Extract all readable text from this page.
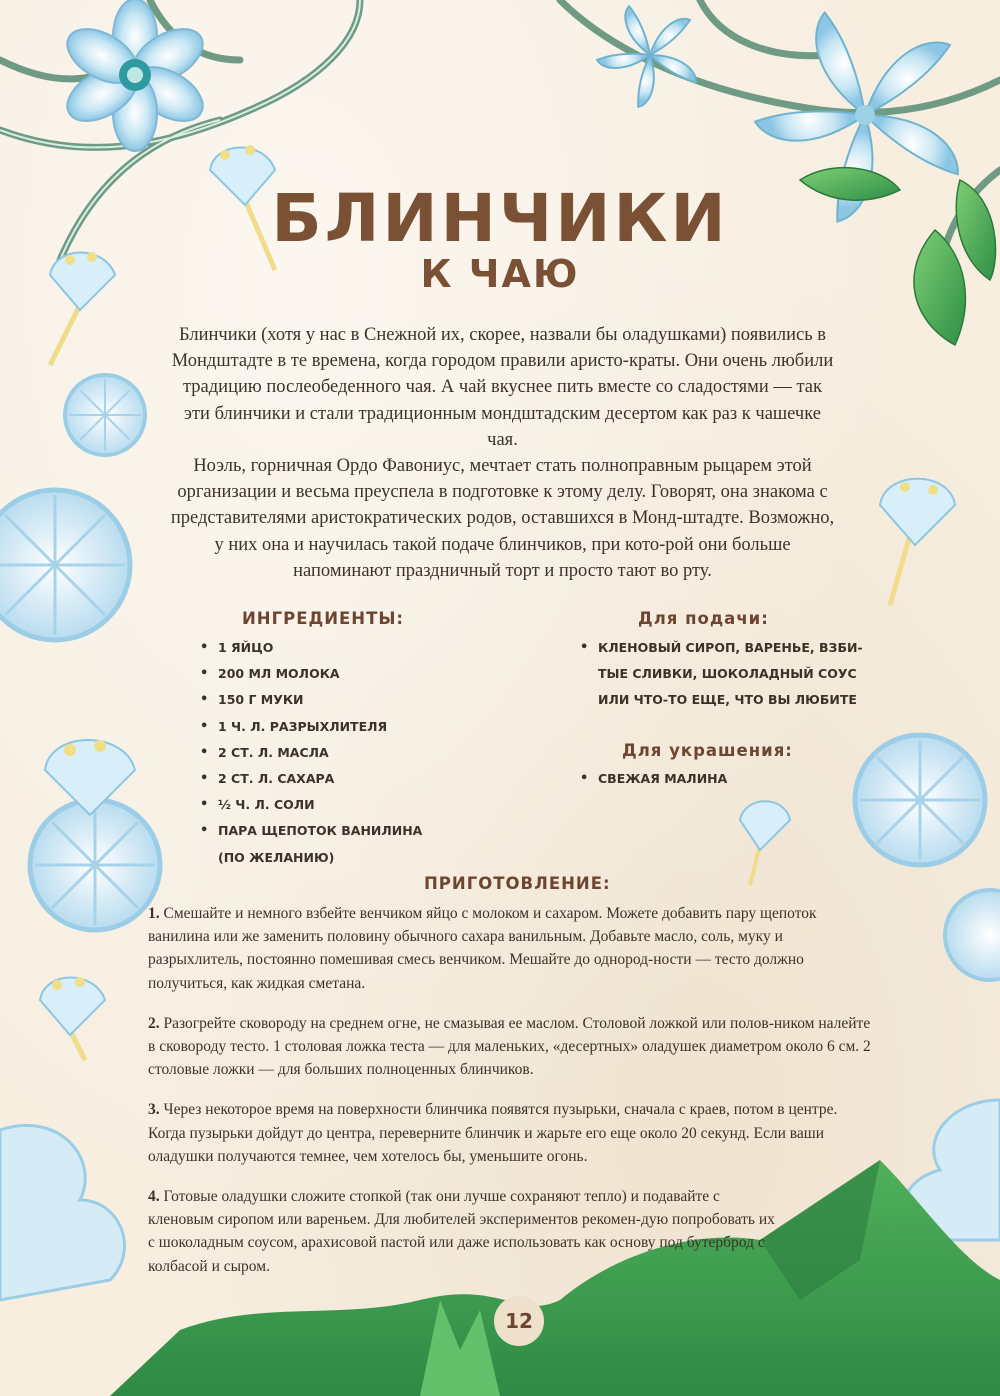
БЛИНЧИКИ
К ЧАЮ

Блинчики (хотя у нас в Снежной их, скорее, назвали бы оладушками) появились в Мондштадте в те времена, когда городом правили аристо-краты. Они очень любили традицию послеобеденного чая. А чай вкуснее пить вместе со сладостями — так эти блинчики и стали традиционным мондштадским десертом как раз к чашечке чая.

Ноэль, горничная Ордо Фавониус, мечтает стать полноправным рыцарем этой организации и весьма преуспела в подготовке к этому делу. Говорят, она знакома с представителями аристократических родов, оставшихся в Монд-штадте. Возможно, у них она и научилась такой подаче блинчиков, при кото-рой они больше напоминают праздничный торт и просто тают во рту.

ИНГРЕДИЕНТЫ:
• 1 ЯЙЦО
• 200 МЛ МОЛОКА
• 150 Г МУКИ
• 1 Ч. Л. РАЗРЫХЛИТЕЛЯ
• 2 СТ. Л. МАСЛА
• 2 СТ. Л. САХАРА
• ½ Ч. Л. СОЛИ
• ПАРА ЩЕПОТОК ВАНИЛИНА
(ПО ЖЕЛАНИЮ)
Для подачи:
• КЛЕНОВЫЙ СИРОП, ВАРЕНЬЕ, ВЗБИ-
ТЫЕ СЛИВКИ, ШОКОЛАДНЫЙ СОУС
ИЛИ ЧТО-ТО ЕЩЕ, ЧТО ВЫ ЛЮБИТЕ
Для украшения:
• СВЕЖАЯ МАЛИНА
ПРИГОТОВЛЕНИЕ:

1. Смешайте и немного взбейте венчиком яйцо с молоком и сахаром. Можете добавить пару щепоток ванилина или же заменить половину обычного сахара ванильным. Добавьте масло, соль, муку и разрыхлитель, постоянно помешивая смесь венчиком. Мешайте до однород-ности — тесто должно получиться, как жидкая сметана.

2. Разогрейте сковороду на среднем огне, не смазывая ее маслом. Столовой ложкой или полов-ником налейте в сковороду тесто. 1 столовая ложка теста — для маленьких, «десертных» оладушек диаметром около 6 см. 2 столовые ложки — для больших полноценных блинчиков.

3. Через некоторое время на поверхности блинчика появятся пузырьки, сначала с краев, потом в центре. Когда пузырьки дойдут до центра, переверните блинчик и жарьте его еще около 20 секунд. Если ваши оладушки получаются темнее, чем хотелось бы, уменьшите огонь.

4. Готовые оладушки сложите стопкой (так они лучше сохраняют тепло) и подавайте с кленовым сиропом или вареньем. Для любителей экспериментов рекомен-дую попробовать их с шоколадным соусом, арахисовой пастой или даже использовать как основу под бутерброд с колбасой и сыром.

12
